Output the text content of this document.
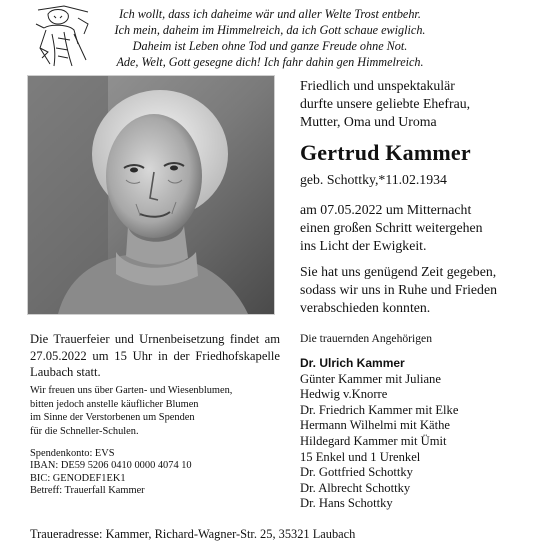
Ich wollt, dass ich daheime wär und aller Welte Trost entbehr.
Ich mein, daheim im Himmelreich, da ich Gott schaue ewiglich.
Daheim ist Leben ohne Tod und ganze Freude ohne Not.
Ade, Welt, Gott gesegne dich! Ich fahr dahin gen Himmelreich.
Friedlich und unspektakulär
durfte unsere geliebte Ehefrau,
Mutter, Oma und Uroma
Gertrud Kammer
geb. Schottky,*11.02.1934
am 07.05.2022 um Mitternacht
einen großen Schritt weitergehen
ins Licht der Ewigkeit.
Sie hat uns genügend Zeit gegeben,
sodass wir uns in Ruhe und Frieden
verabschieden konnten.
Die Trauerfeier und Urnenbeisetzung findet am 27.05.2022 um 15 Uhr in der Friedhofskapelle Laubach statt.
Wir freuen uns über Garten- und Wiesenblumen,
bitten jedoch anstelle käuflicher Blumen
im Sinne der Verstorbenen um Spenden
für die Schneller-Schulen.
Spendenkonto: EVS
IBAN: DE59 5206 0410 0000 4074 10
BIC: GENODEF1EK1
Betreff: Trauerfall Kammer
Die trauernden Angehörigen
Dr. Ulrich Kammer
Günter Kammer mit Juliane
Hedwig v.Knorre
Dr. Friedrich Kammer mit Elke
Hermann Wilhelmi mit Käthe
Hildegard Kammer mit Ümit
15 Enkel und 1 Urenkel
Dr. Gottfried Schottky
Dr. Albrecht Schottky
Dr. Hans Schottky
Traueradresse: Kammer, Richard-Wagner-Str. 25, 35321 Laubach
